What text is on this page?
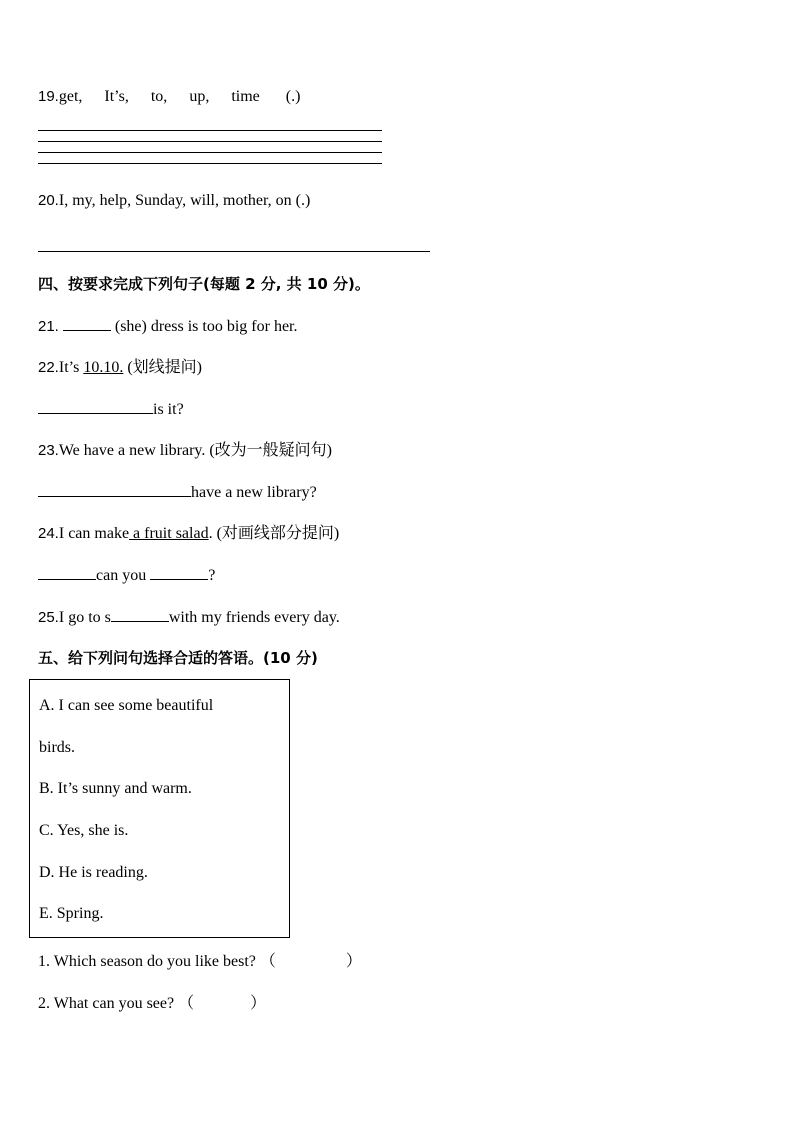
19.get, It’s, to, up, time (.)
20.I, my, help, Sunday, will, mother, on (.)
四、按要求完成下列句子(每题 2 分, 共 10 分)。
21.	(she) dress is too big for her.
22.It’s 10.10. (划线提问)
is it?
23.We have a new library. (改为一般疑问句)
have a new library?
24.I can make a fruit salad. (对画线部分提问)
can you	?
25.I go to s	with my friends every day.
五、给下列问句选择合适的答语。(10 分)
A. I can see some beautiful
birds.
B. It’s sunny and warm.
C. Yes, she is.
D. He is reading.
E. Spring.
1. Which season do you like best? （	）
2. What can you see? （	）
